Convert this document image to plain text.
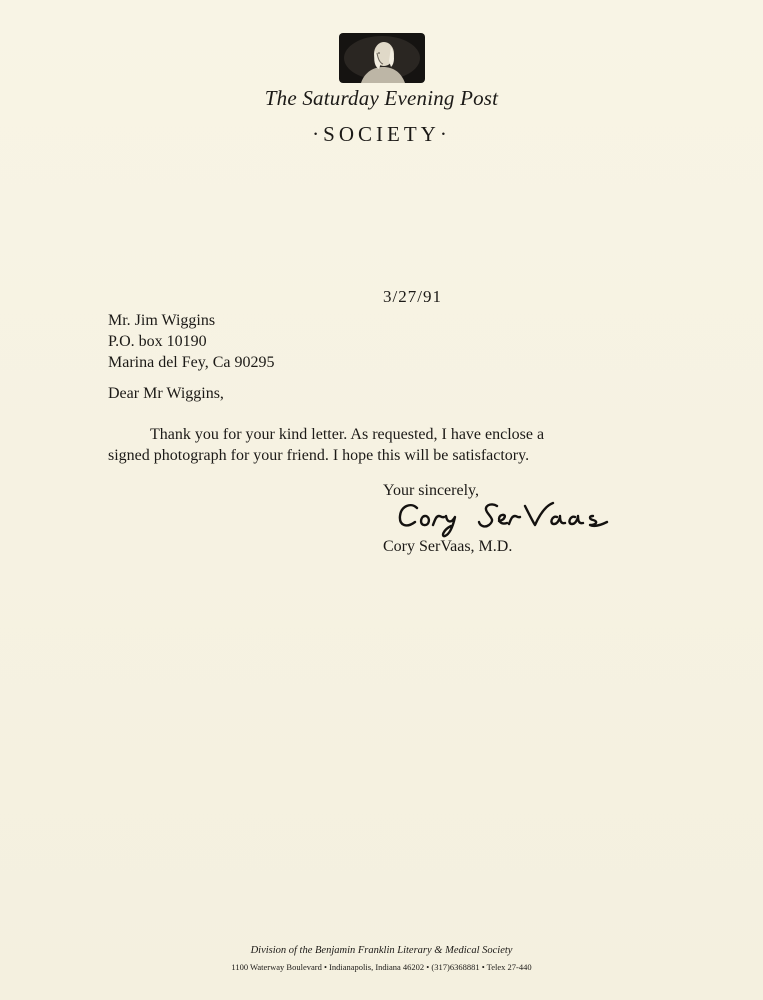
The Saturday Evening Post
·SOCIETY·
3/27/91
Mr. Jim Wiggins
P.O. box 10190
Marina del Fey, Ca 90295
Dear Mr Wiggins,
Thank you for your kind letter. As requested, I have enclose a
signed photograph for your friend. I hope this will be satisfactory.
Your sincerely,
Cory SerVaas, M.D.
Division of the Benjamin Franklin Literary & Medical Society
1100 Waterway Boulevard • Indianapolis, Indiana 46202 • (317)6368881 • Telex 27-440
